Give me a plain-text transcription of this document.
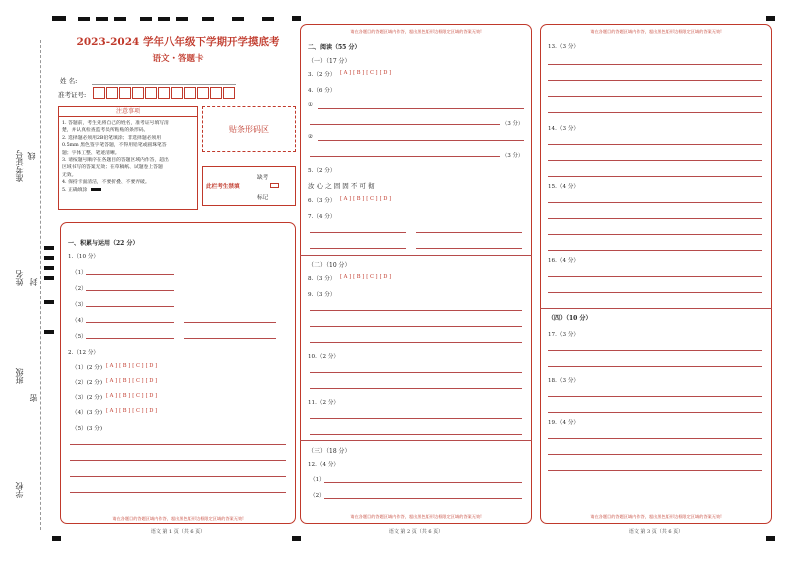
准考证号 线
姓名 封
班级
密
学校
2023-2024 学年八年级下学期开学摸底考
语文・答题卡
姓 名:
准考证号:
注意事项
1. 答题前，考生先将自己的姓名，准考证号填写清
楚，并认真检查监考员所粘贴的条形码。
2. 选择题必须用2B铅笔填涂；非选择题必须用
0.5mm 黑色签字笔答题，不得用铅笔或圆珠笔答
题；字体工整、笔迹清晰。
3. 请按题号顺序在各题目的答题区域内作答，超出
区域书写的答案无效；在草稿纸、试题卷上答题
无效。
4. 保持卡面清洁，不要折叠、不要弄破。
5. 正确填涂
贴条形码区
此栏考生禁填
缺考
标记
一、积累与运用（22 分）
1.（10 分）
（1）
（2）
（3）
（4）
（5）
2.（12 分）
（1）(2 分) [ A ] [ B ] [ C ] [ D ]
（2）(2 分) [ A ] [ B ] [ C ] [ D ]
（3）(2 分) [ A ] [ B ] [ C ] [ D ]
（4）(3 分) [ A ] [ B ] [ C ] [ D ]
（5）(3 分)
请在各题目的答题区域内作答，超出黑色矩形边框限定区域的答案无效!
语文 第 1 页（共 6 页）
请在各题目的答题区域内作答，超出黑色矩形边框限定区域的答案无效!
二、阅读（55 分）
（一）（17 分）
3.（2 分） [ A ] [ B ] [ C ] [ D ]
4.（6 分）
①
（3 分）
②
（3 分）
5.（2 分）
汝 心 之 固 固 不 可 彻
6.（3 分） [ A ] [ B ] [ C ] [ D ]
7.（4 分）
（二）（10 分）
8.（3 分） [ A ] [ B ] [ C ] [ D ]
9.（3 分）
10.（2 分）
11.（2 分）
（三）（18 分）
12.（4 分）
（1）
（2）
请在各题目的答题区域内作答，超出黑色矩形边框限定区域的答案无效!
语文 第 2 页（共 6 页）
请在各题目的答题区域内作答，超出黑色矩形边框限定区域的答案无效!
13.（3 分）
14.（3 分）
15.（4 分）
16.（4 分）
（四）（10 分）
17.（3 分）
18.（3 分）
19.（4 分）
请在各题目的答题区域内作答，超出黑色矩形边框限定区域的答案无效!
语文 第 3 页（共 6 页）
